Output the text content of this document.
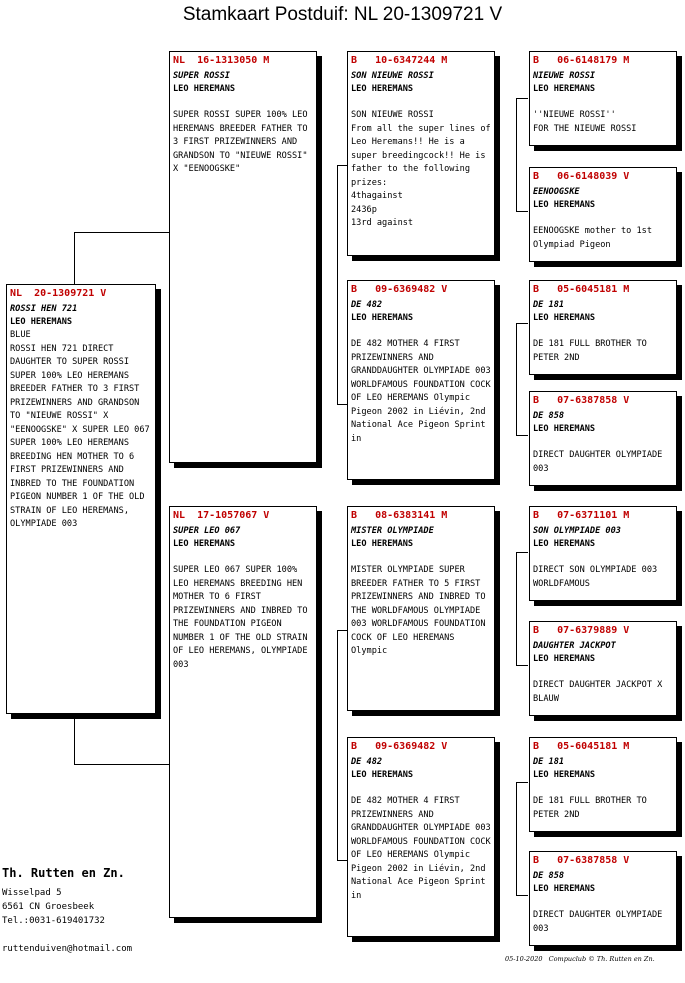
Stamkaart Postduif: NL 20-1309721 V
NL  20-1309721 V
ROSSI HEN 721
LEO HEREMANS
BLUE
ROSSI HEN 721 DIRECT DAUGHTER TO SUPER ROSSI SUPER 100% LEO HEREMANS BREEDER FATHER TO 3 FIRST PRIZEWINNERS AND GRANDSON TO "NIEUWE ROSSI" X "EENOOGSKE" X SUPER LEO 067 SUPER 100% LEO HEREMANS BREEDING HEN MOTHER TO 6 FIRST PRIZEWINNERS AND INBRED TO THE FOUNDATION PIGEON NUMBER 1 OF THE OLD STRAIN OF LEO HEREMANS, OLYMPIADE 003
NL  16-1313050 M
SUPER ROSSI
LEO HEREMANS
SUPER ROSSI SUPER 100% LEO HEREMANS BREEDER FATHER TO 3 FIRST PRIZEWINNERS AND GRANDSON TO "NIEUWE ROSSI" X "EENOOGSKE"
NL  17-1057067 V
SUPER LEO 067
LEO HEREMANS
SUPER LEO 067 SUPER 100% LEO HEREMANS BREEDING HEN MOTHER TO 6 FIRST PRIZEWINNERS AND INBRED TO THE FOUNDATION PIGEON NUMBER 1 OF THE OLD STRAIN OF LEO HEREMANS, OLYMPIADE 003
B   10-6347244 M
SON NIEUWE ROSSI
LEO HEREMANS
SON NIEUWE ROSSI
From all the super lines of Leo Heremans!! He is a super breedingcock!! He is father to the following prizes:
4thagainst
2436p
13rd against
B   09-6369482 V
DE 482
LEO HEREMANS
DE 482 MOTHER 4 FIRST PRIZEWINNERS AND GRANDDAUGHTER OLYMPIADE 003 WORLDFAMOUS FOUNDATION COCK OF LEO HEREMANS Olympic Pigeon 2002 in Liévin, 2nd National Ace Pigeon Sprint in
B   08-6383141 M
MISTER OLYMPIADE
LEO HEREMANS
MISTER OLYMPIADE SUPER BREEDER FATHER TO 5 FIRST PRIZEWINNERS AND INBRED TO THE WORLDFAMOUS OLYMPIADE 003 WORLDFAMOUS FOUNDATION COCK OF LEO HEREMANS Olympic
B   09-6369482 V
DE 482
LEO HEREMANS
DE 482 MOTHER 4 FIRST PRIZEWINNERS AND GRANDDAUGHTER OLYMPIADE 003 WORLDFAMOUS FOUNDATION COCK OF LEO HEREMANS Olympic Pigeon 2002 in Liévin, 2nd National Ace Pigeon Sprint in
B   06-6148179 M
NIEUWE ROSSI
LEO HEREMANS
''NIEUWE ROSSI''
FOR THE NIEUWE ROSSI
B   06-6148039 V
EENOOGSKE
LEO HEREMANS
EENOOGSKE mother to 1st Olympiad Pigeon
B   05-6045181 M
DE 181
LEO HEREMANS
DE 181 FULL BROTHER TO PETER 2ND
B   07-6387858 V
DE 858
LEO HEREMANS
DIRECT DAUGHTER OLYMPIADE 003
B   07-6371101 M
SON OLYMPIADE 003
LEO HEREMANS
DIRECT SON OLYMPIADE 003 WORLDFAMOUS
B   07-6379889 V
DAUGHTER JACKPOT
LEO HEREMANS
DIRECT DAUGHTER JACKPOT X BLAUW
B   05-6045181 M
DE 181
LEO HEREMANS
DE 181 FULL BROTHER TO PETER 2ND
B   07-6387858 V
DE 858
LEO HEREMANS
DIRECT DAUGHTER OLYMPIADE 003
Th. Rutten en Zn.
Wisselpad 5
6561 CN Groesbeek
Tel.:0031-619401732
ruttenduiven@hotmail.com
05-10-2020   Compuclub © Th. Rutten en Zn.
